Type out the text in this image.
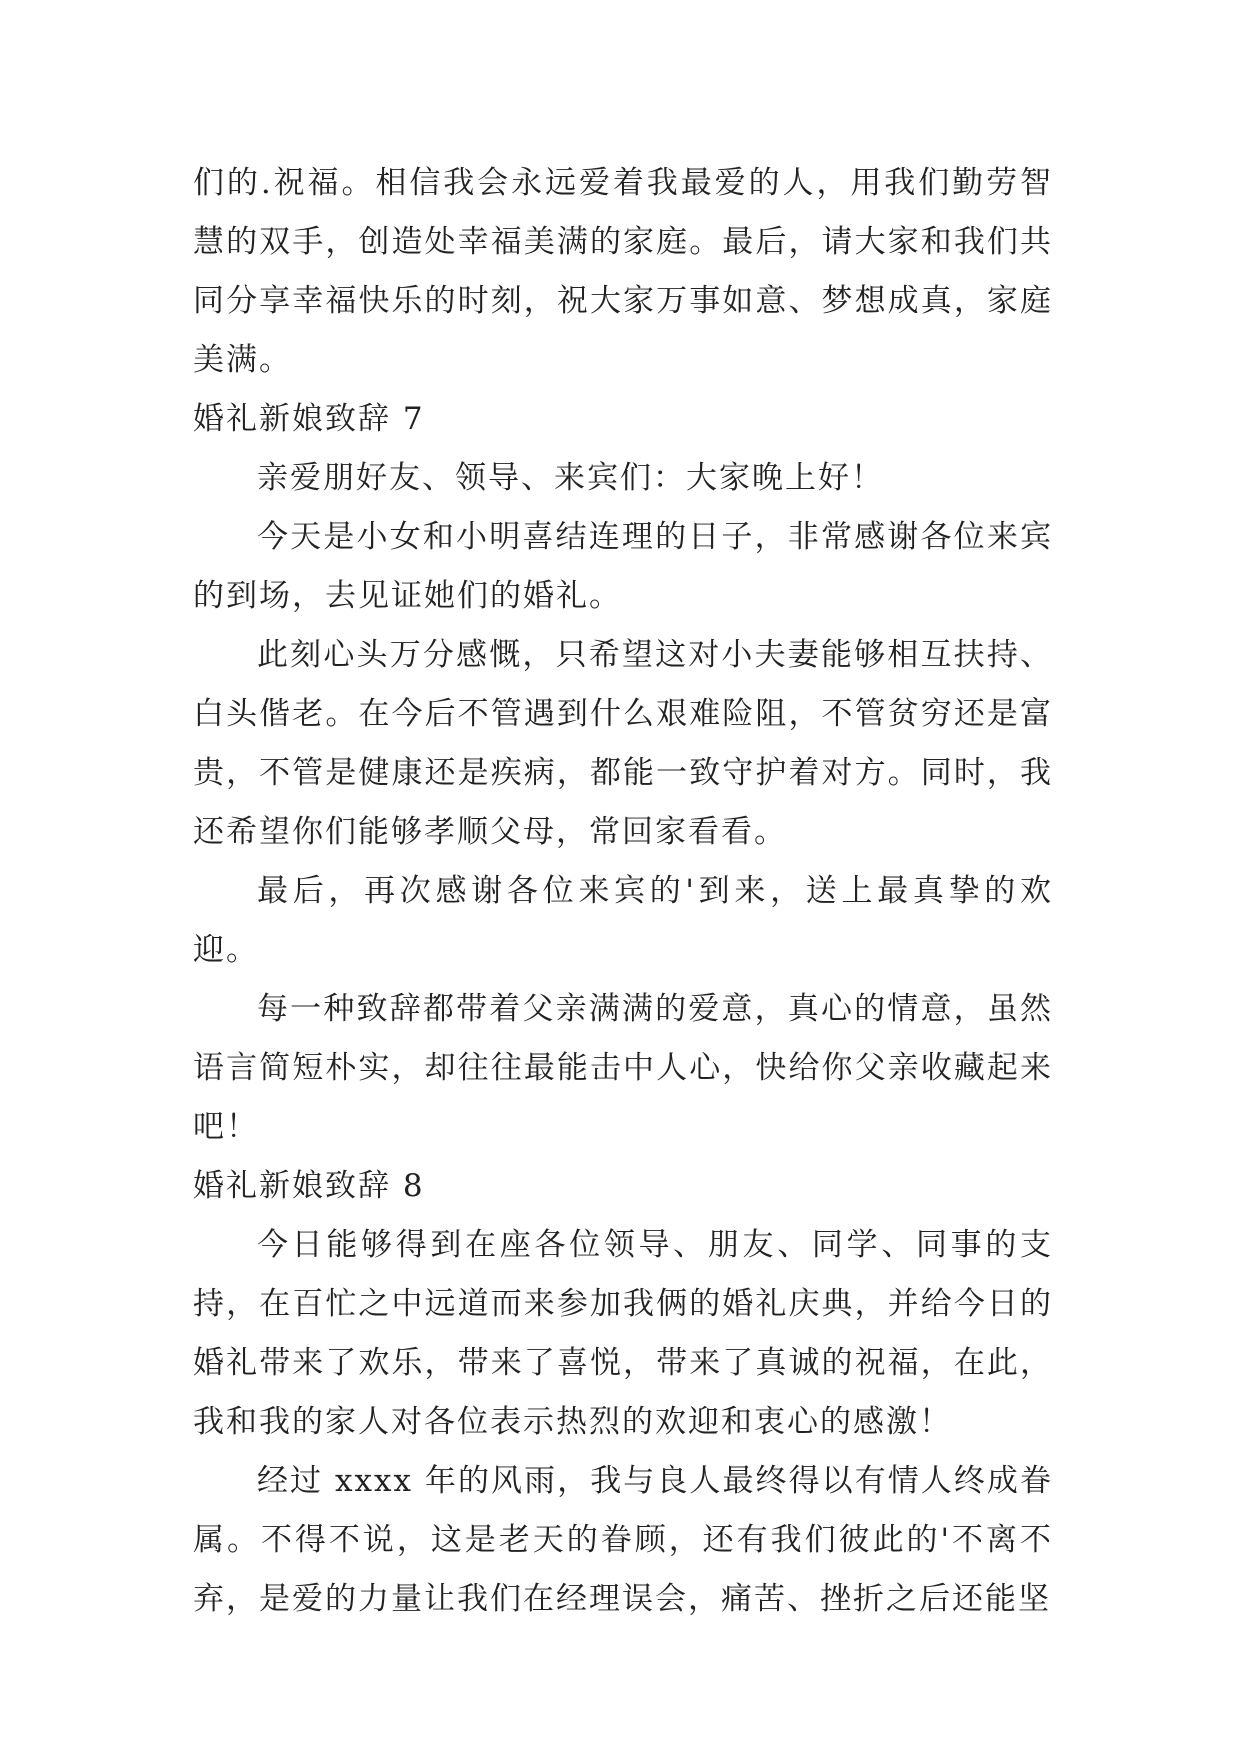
们的.祝福。相信我会永远爱着我最爱的人，用我们勤劳智慧的双手，创造处幸福美满的家庭。最后，请大家和我们共同分享幸福快乐的时刻，祝大家万事如意、梦想成真，家庭美满。

婚礼新娘致辞 7

亲爱朋好友、领导、来宾们：大家晚上好！

今天是小女和小明喜结连理的日子，非常感谢各位来宾的到场，去见证她们的婚礼。

此刻心头万分感慨，只希望这对小夫妻能够相互扶持、白头偕老。在今后不管遇到什么艰难险阻，不管贫穷还是富贵，不管是健康还是疾病，都能一致守护着对方。同时，我还希望你们能够孝顺父母，常回家看看。

最后，再次感谢各位来宾的'到来，送上最真挚的欢迎。

每一种致辞都带着父亲满满的爱意，真心的情意，虽然语言简短朴实，却往往最能击中人心，快给你父亲收藏起来吧！

婚礼新娘致辞 8

今日能够得到在座各位领导、朋友、同学、同事的支持，在百忙之中远道而来参加我俩的婚礼庆典，并给今日的婚礼带来了欢乐，带来了喜悦，带来了真诚的祝福，在此，我和我的家人对各位表示热烈的欢迎和衷心的感激！

经过 xxxx 年的风雨，我与良人最终得以有情人终成眷属。不得不说，这是老天的眷顾，还有我们彼此的'不离不弃，是爱的力量让我们在经理误会，痛苦、挫折之后还能坚
